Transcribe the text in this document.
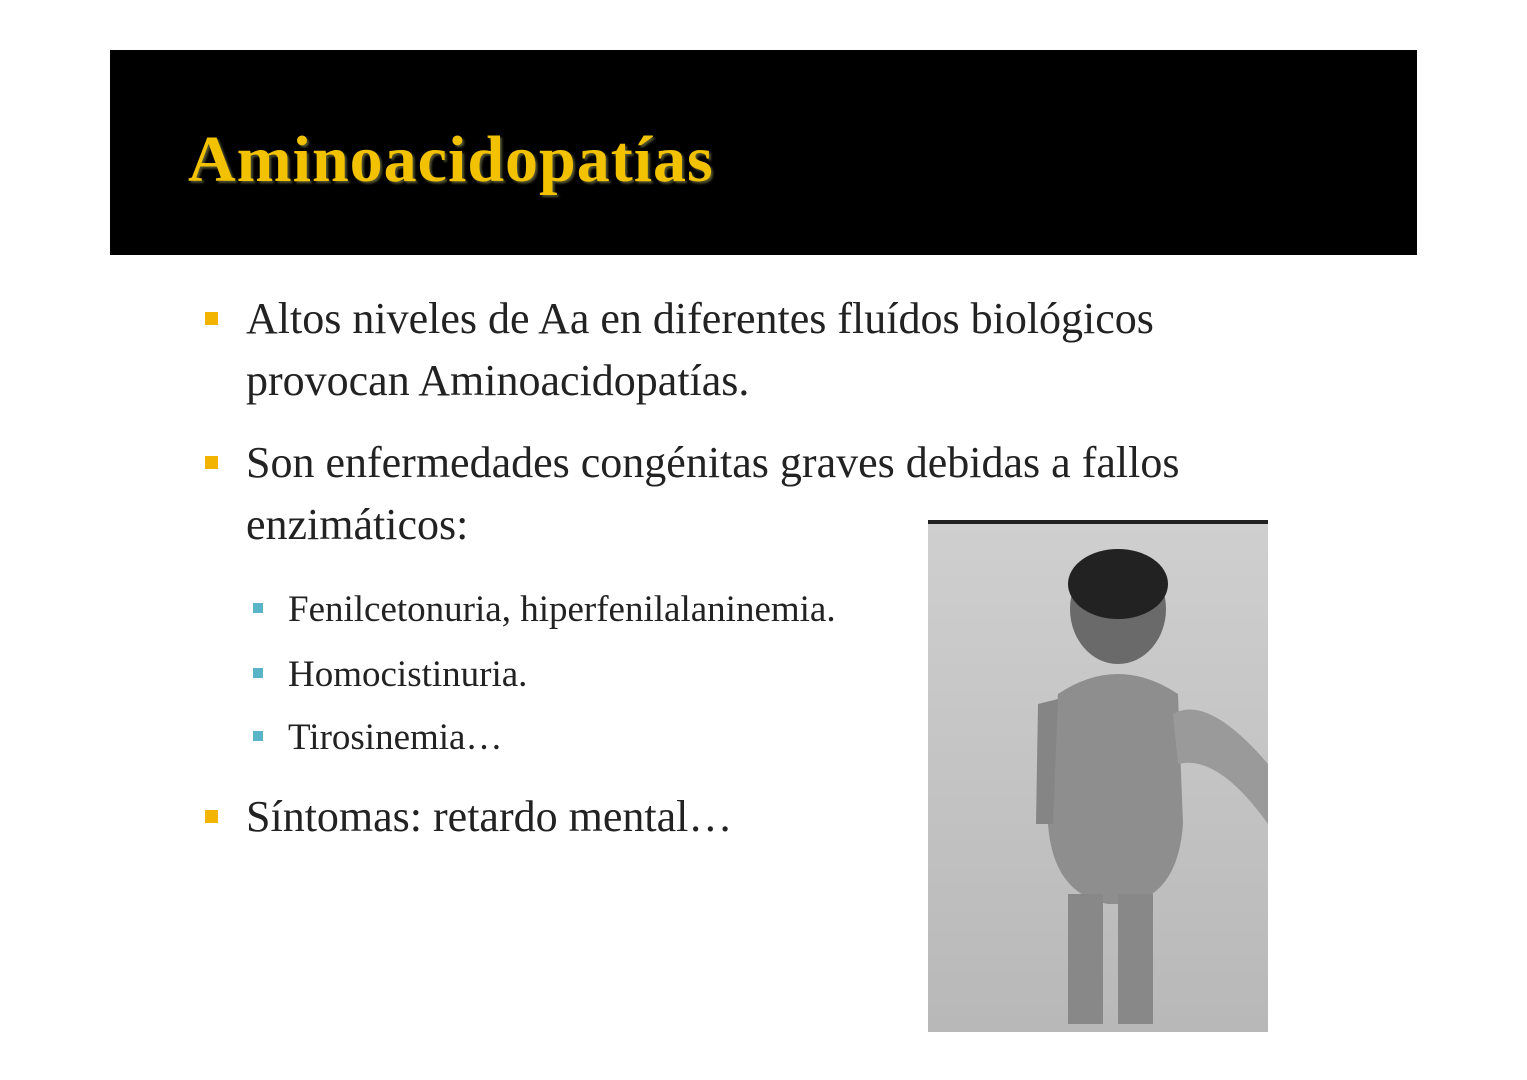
Aminoacidopatías
Altos niveles de Aa en diferentes fluídos biológicos
provocan Aminoacidopatías.
Son enfermedades congénitas graves debidas a fallos
enzimáticos:
Fenilcetonuria, hiperfenilalaninemia.
Homocistinuria.
Tirosinemia…
Síntomas: retardo mental…
